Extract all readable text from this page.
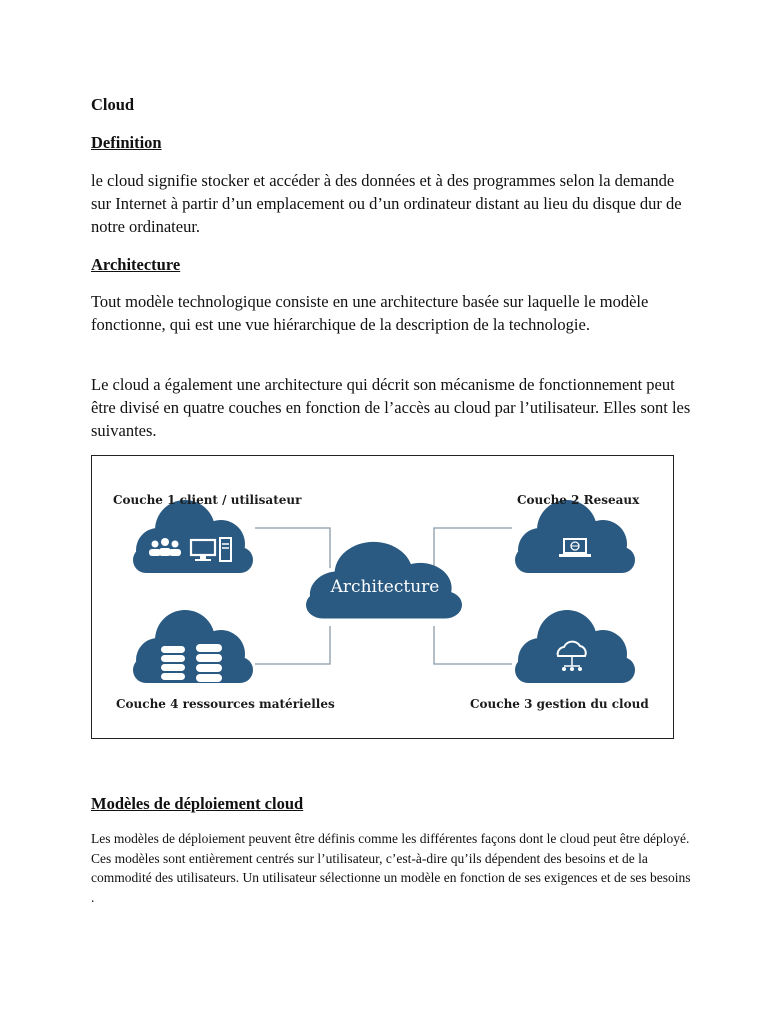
Cloud

Definition

le cloud signifie stocker et accéder à des données et à des programmes selon la demande sur Internet à partir d’un emplacement ou d’un ordinateur distant au lieu du disque dur de notre ordinateur.

Architecture

Tout modèle technologique consiste en une architecture basée sur laquelle le modèle fonctionne, qui est une vue hiérarchique de la description de la technologie.

Le cloud a également une architecture qui décrit son mécanisme de fonctionnement peut être divisé en quatre couches en fonction de l’accès au cloud par l’utilisateur. Elles sont les suivantes.

Architecture

Couche 1 client / utilisateur	Couche 2 Reseaux

Couche 3 gestion du cloud

Couche 4 ressources matérielles

Modèles de déploiement cloud

Les modèles de déploiement peuvent être définis comme les différentes façons dont le cloud peut être déployé. Ces modèles sont entièrement centrés sur l’utilisateur, c’est-à-dire qu’ils dépendent des besoins et de la commodité des utilisateurs. Un utilisateur sélectionne un modèle en fonction de ses exigences et de ses besoins .
